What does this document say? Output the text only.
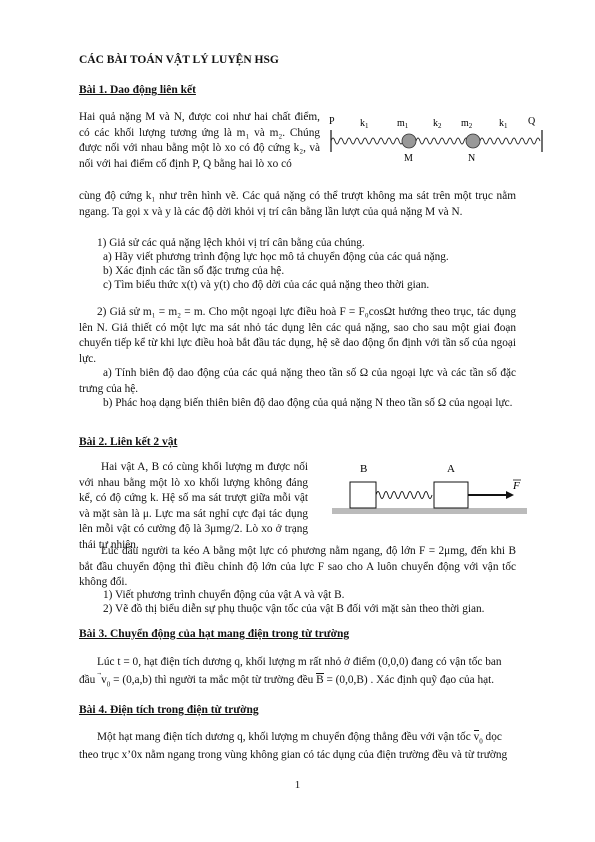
CÁC BÀI TOÁN VẬT LÝ LUYỆN HSG
Bài 1. Dao động liên kết
Hai quả nặng M và N, được coi như hai chất điểm, có các khối lượng tương ứng là m₁ và m₂. Chúng được nối với nhau bằng một lò xo có độ cứng k₂, và nối với hai điểm cố định P, Q bằng hai lò xo có
P	$k_1$	$m_1$ $k_2$ $m_2$	$k_1$ Q
M	N
cùng độ cứng k₁ như trên hình vẽ. Các quả nặng có thể trượt không ma sát trên một trục nằm ngang. Ta gọi x và y là các độ dời khỏi vị trí cân bằng lần lượt của quả nặng M và N.
1) Giả sử các quả nặng lệch khỏi vị trí cân bằng của chúng.
a) Hãy viết phương trình động lực học mô tả chuyển động của các quả nặng.
b) Xác định các tần số đặc trưng của hệ.
c) Tìm biểu thức x(t) và y(t) cho độ dời của các quả nặng theo thời gian.
2) Giả sử m₁ = m₂ = m. Cho một ngoại lực điều hoà F = F₀cosΩt hướng theo trục, tác dụng lên N. Giả thiết có một lực ma sát nhỏ tác dụng lên các quả nặng, sao cho sau một giai đoạn chuyển tiếp kể từ khi lực điều hoà bắt đầu tác dụng, hệ sẽ dao động ổn định với tần số của ngoại lực.
a) Tính biên độ dao động của các quả nặng theo tần số Ω của ngoại lực và các tần số đặc trưng của hệ.
b) Phác hoạ dạng biến thiên biên độ dao động của quả nặng N theo tần số Ω của ngoại lực.
Bài 2. Liên kết 2 vật
Hai vật A, B có cùng khối lượng m được nối với nhau bằng một lò xo khối lượng không đáng kể, có độ cứng k. Hệ số ma sát trượt giữa mỗi vật và mặt sàn là μ. Lực ma sát nghỉ cực đại tác dụng lên mỗi vật có cường độ là 3μmg/2. Lò xo ở trạng thái tự nhiên.
B	A
F
Lúc đầu người ta kéo A bằng một lực có phương nằm ngang, độ lớn F = 2μmg, đến khi B bắt đầu chuyển động thì điều chỉnh độ lớn của lực F sao cho A luôn chuyển động với vận tốc không đổi.
1) Viết phương trình chuyển động của vật A và vật B.
2) Vẽ đồ thị biểu diễn sự phụ thuộc vận tốc của vật B đối với mặt sàn theo thời gian.
Bài 3. Chuyển động của hạt mang điện trong từ trường
Lúc t = 0, hạt điện tích dương q, khối lượng m rất nhỏ ở điểm (0,0,0) đang có vận tốc ban
đầu $v_0 = (0,a,b)$ thì người ta mắc một từ trường đều B = (0,0,B) . Xác định quỹ đạo của hạt.
Bài 4. Điện tích trong điện từ trường
Một hạt mang điện tích dương q, khối lượng m chuyển động thẳng đều với vận tốc $v_0$ dọc
theo trục x’0x nằm ngang trong vùng không gian có tác dụng của điện trường đều và từ trường
1
